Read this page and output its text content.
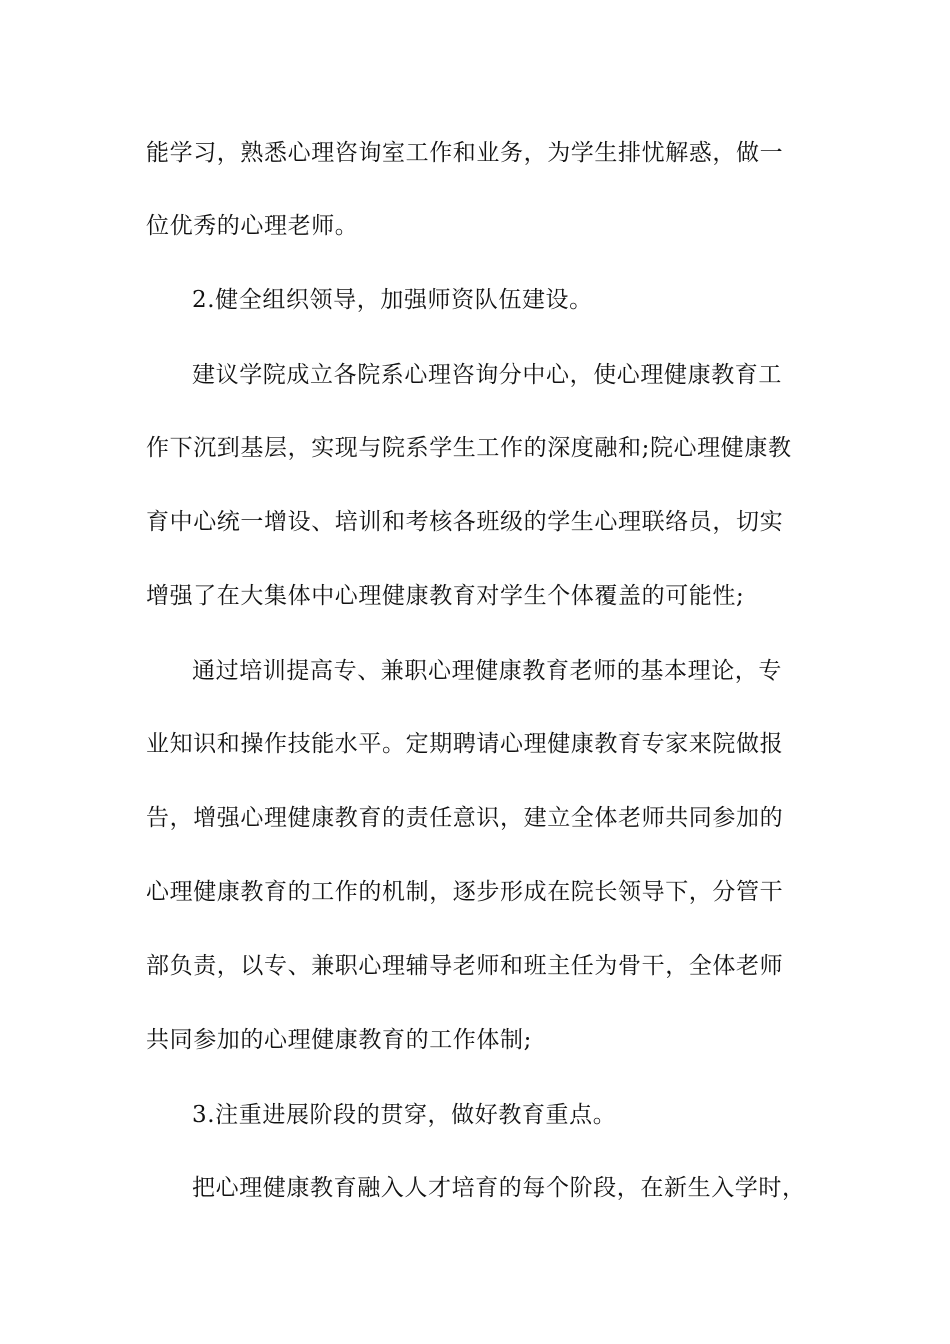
能学习，熟悉心理咨询室工作和业务，为学生排忧解惑，做一
位优秀的心理老师。
2.健全组织领导，加强师资队伍建设。
建议学院成立各院系心理咨询分中心，使心理健康教育工
作下沉到基层，实现与院系学生工作的深度融和;院心理健康教
育中心统一增设、培训和考核各班级的学生心理联络员，切实
增强了在大集体中心理健康教育对学生个体覆盖的可能性;
通过培训提高专、兼职心理健康教育老师的基本理论，专
业知识和操作技能水平。定期聘请心理健康教育专家来院做报
告，增强心理健康教育的责任意识，建立全体老师共同参加的
心理健康教育的工作的机制，逐步形成在院长领导下，分管干
部负责，以专、兼职心理辅导老师和班主任为骨干，全体老师
共同参加的心理健康教育的工作体制;
3.注重进展阶段的贯穿，做好教育重点。
把心理健康教育融入人才培育的每个阶段，在新生入学时，
